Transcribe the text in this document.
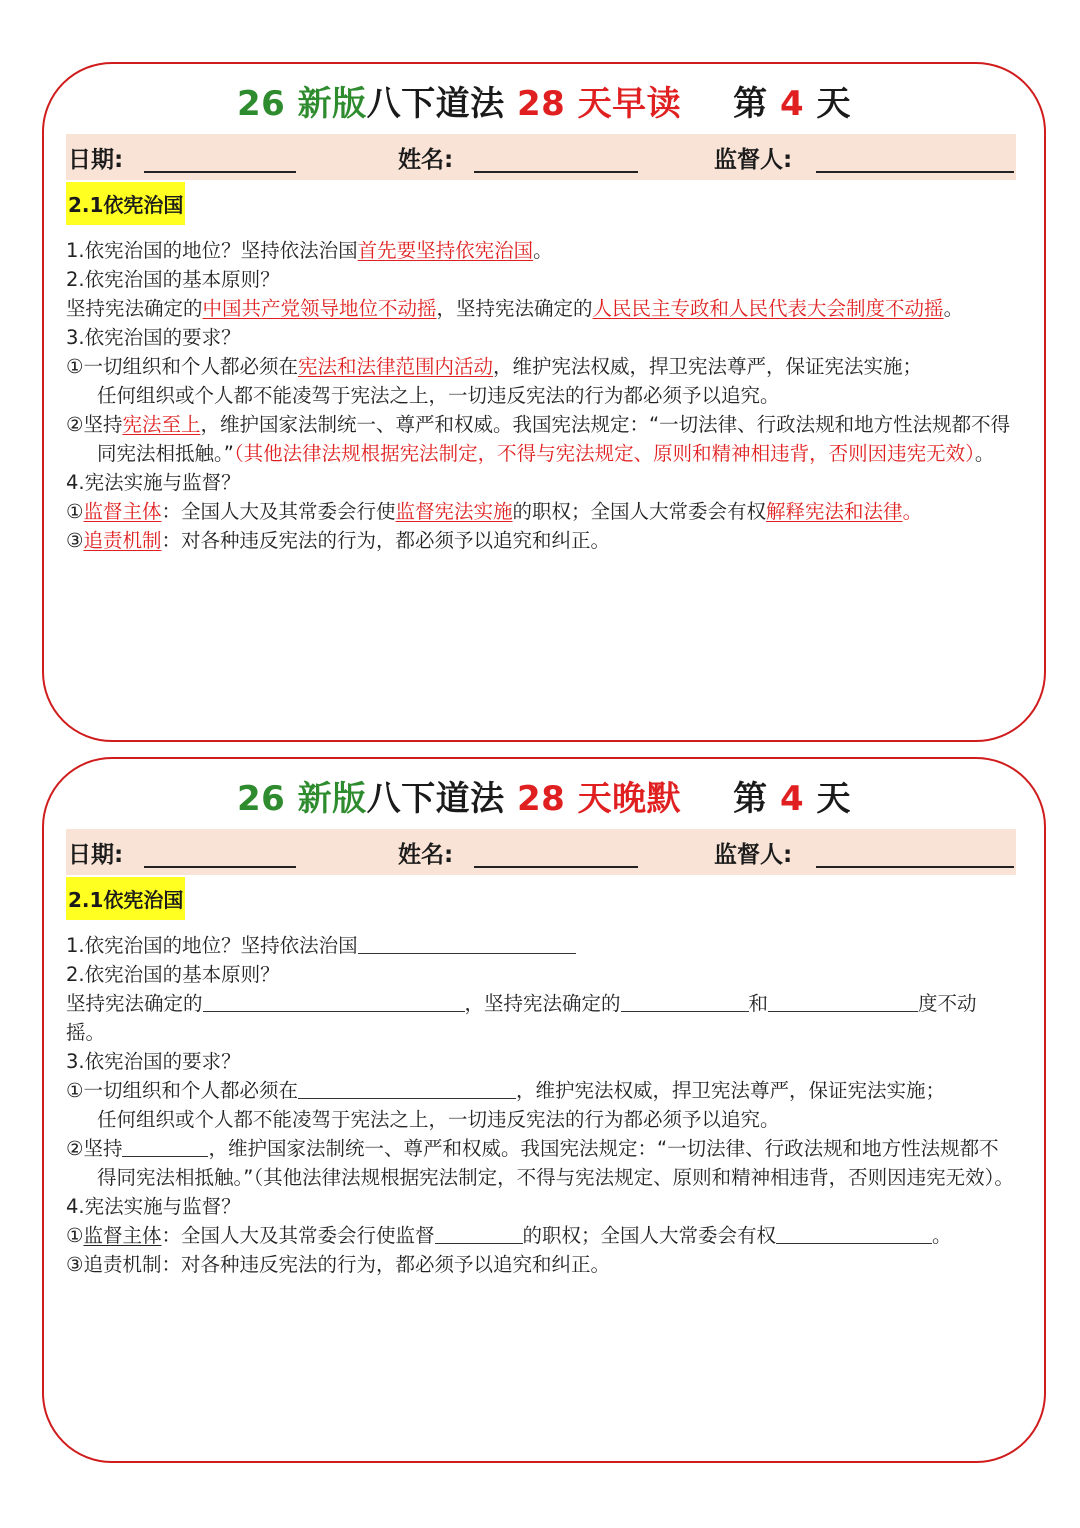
26 新版八下道法 28 天早读 第 4 天
日期:	姓名:	监督人:
2.1依宪治国

1.依宪治国的地位？坚持依法治国首先要坚持依宪治国。

2.依宪治国的基本原则？

坚持宪法确定的中国共产党领导地位不动摇，坚持宪法确定的人民民主专政和人民代表大会制度不动摇。

3.依宪治国的要求？

①一切组织和个人都必须在宪法和法律范围内活动，维护宪法权威，捍卫宪法尊严，保证宪法实施；

任何组织或个人都不能凌驾于宪法之上，一切违反宪法的行为都必须予以追究。

②坚持宪法至上，维护国家法制统一、尊严和权威。我国宪法规定：“一切法律、行政法规和地方性法规都不得同宪法相抵触。”（其他法律法规根据宪法制定，不得与宪法规定、原则和精神相违背，否则因违宪无效）。

4.宪法实施与监督？

①监督主体：全国人大及其常委会行使监督宪法实施的职权；全国人大常委会有权解释宪法和法律。

③追责机制：对各种违反宪法的行为，都必须予以追究和纠正。

26 新版八下道法 28 天晚默 第 4 天
日期:	姓名:	监督人:
2.1依宪治国

1.依宪治国的地位？坚持依法治国

2.依宪治国的基本原则？

坚持宪法确定的	，坚持宪法确定的	和	度不动

摇。

3.依宪治国的要求？

①一切组织和个人都必须在	，维护宪法权威，捍卫宪法尊严，保证宪法实施；

任何组织或个人都不能凌驾于宪法之上，一切违反宪法的行为都必须予以追究。

②坚持	，维护国家法制统一、尊严和权威。我国宪法规定：“一切法律、行政法规和地方性法规都不得同宪法相抵触。”（其他法律法规根据宪法制定，不得与宪法规定、原则和精神相违背，否则因违宪无效）。

4.宪法实施与监督？

①监督主体：全国人大及其常委会行使监督	的职权；全国人大常委会有权	。

③追责机制：对各种违反宪法的行为，都必须予以追究和纠正。
